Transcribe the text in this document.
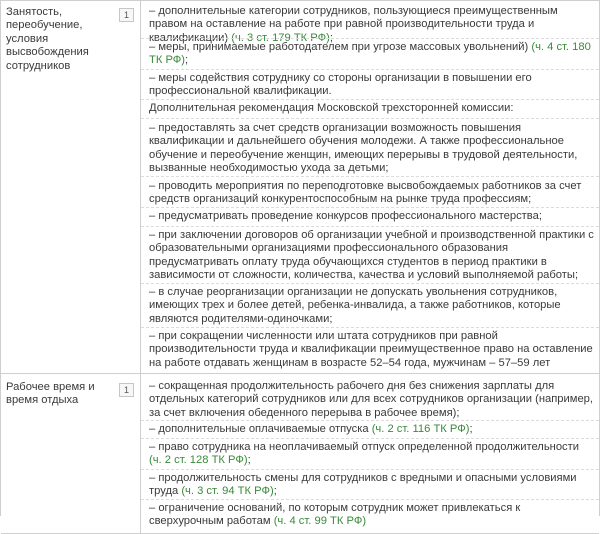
Занятость, переобучение, условия высвобождения сотрудников
1	– дополнительные категории сотрудников, пользующиеся преимущественным правом на оставление на работе при равной производительности труда и квалификации) (ч. 3 ст. 179 ТК РФ);

– меры, принимаемые работодателем при угрозе массовых увольнений) (ч. 4 ст. 180 ТК РФ);

– меры содействия сотруднику со стороны организации в повышении его профессиональной квалификации.

Дополнительная рекомендация Московской трехсторонней комиссии:

– предоставлять за счет средств организации возможность повышения квалификации и дальнейшего обучения молодежи. А также профессиональное обучение и переобучение женщин, имеющих перерывы в трудовой деятельности, вызванные необходимостью ухода за детьми;

– проводить мероприятия по переподготовке высвобождаемых работников за счет средств организаций конкурентоспособным на рынке труда профессиям;

– предусматривать проведение конкурсов профессионального мастерства;

– при заключении договоров об организации учебной и производственной практики с образовательными организациями профессионального образования предусматривать оплату труда обучающихся студентов в период практики в зависимости от сложности, количества, качества и условий выполняемой работы;

– в случае реорганизации организации не допускать увольнения сотрудников, имеющих трех и более детей, ребенка-инвалида, а также работников, которые являются родителями-одиночками;

– при сокращении численности или штата сотрудников при равной производительности труда и квалификации преимущественное право на оставление на работе отдавать женщинам в возрасте 52–54 года, мужчинам – 57–59 лет

Рабочее время и время отдыха
1	– сокращенная продолжительность рабочего дня без снижения зарплаты для отдельных категорий сотрудников или для всех сотрудников организации (например, за счет включения обеденного перерыва в рабочее время);

– дополнительные оплачиваемые отпуска (ч. 2 ст. 116 ТК РФ);

– право сотрудника на неоплачиваемый отпуск определенной продолжительности (ч. 2 ст. 128 ТК РФ);

– продолжительность смены для сотрудников с вредными и опасными условиями труда (ч. 3 ст. 94 ТК РФ);

– ограничение оснований, по которым сотрудник может привлекаться к сверхурочным работам (ч. 4 ст. 99 ТК РФ)
